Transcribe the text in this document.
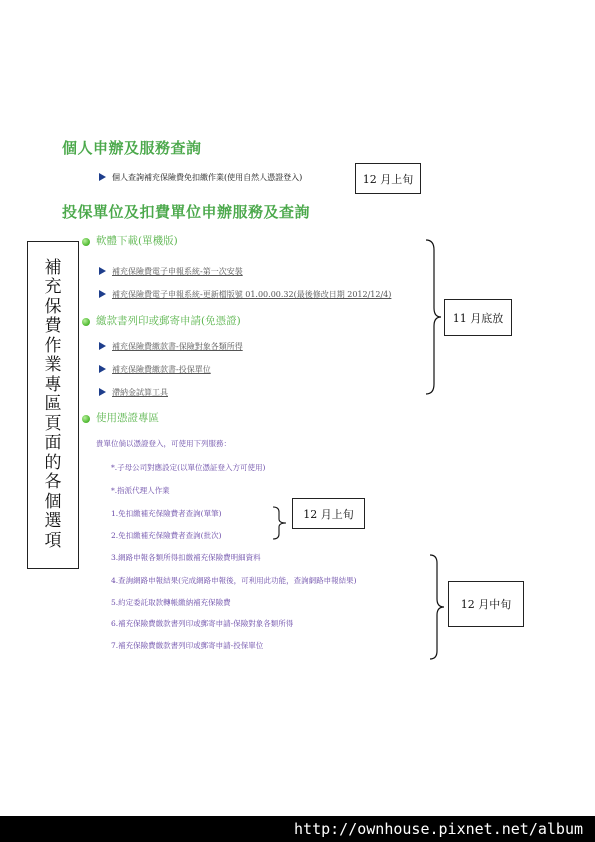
個人申辦及服務查詢
個人查詢補充保險費免扣繳作業(使用自然人憑證登入)	12 月上旬
投保單位及扣費單位申辦服務及查詢
補
充
保
費
作
業
專
區
頁
面
的
各
個
選
項
軟體下載(單機版)
補充保險費電子申報系統-第一次安裝
補充保險費電子申報系統-更新檔版號 01.00.00.32(最後修改日期 2012/12/4)
繳款書列印或郵寄申請(免憑證)
補充保險費繳款書-保險對象各類所得
補充保險費繳款書-投保單位
滯納金試算工具
使用憑證專區
貴單位倘以憑證登入，可使用下列服務：
*.子母公司對應設定(以單位憑証登入方可使用)
*.指派代理人作業
1.免扣繳補充保險費者查詢(單筆)
2.免扣繳補充保險費者查詢(批次)
3.網路申報各類所得扣繳補充保險費明細資料
4.查詢網路申報結果(完成網路申報後，可利用此功能，查詢網路申報結果)
5.約定委託取款轉帳繳納補充保險費
6.補充保險費繳款書列印或郵寄申請-保險對象各類所得
7.補充保險費繳款書列印或郵寄申請-投保單位
11 月底放
12 月上旬
12 月中旬
http://ownhouse.pixnet.net/album
